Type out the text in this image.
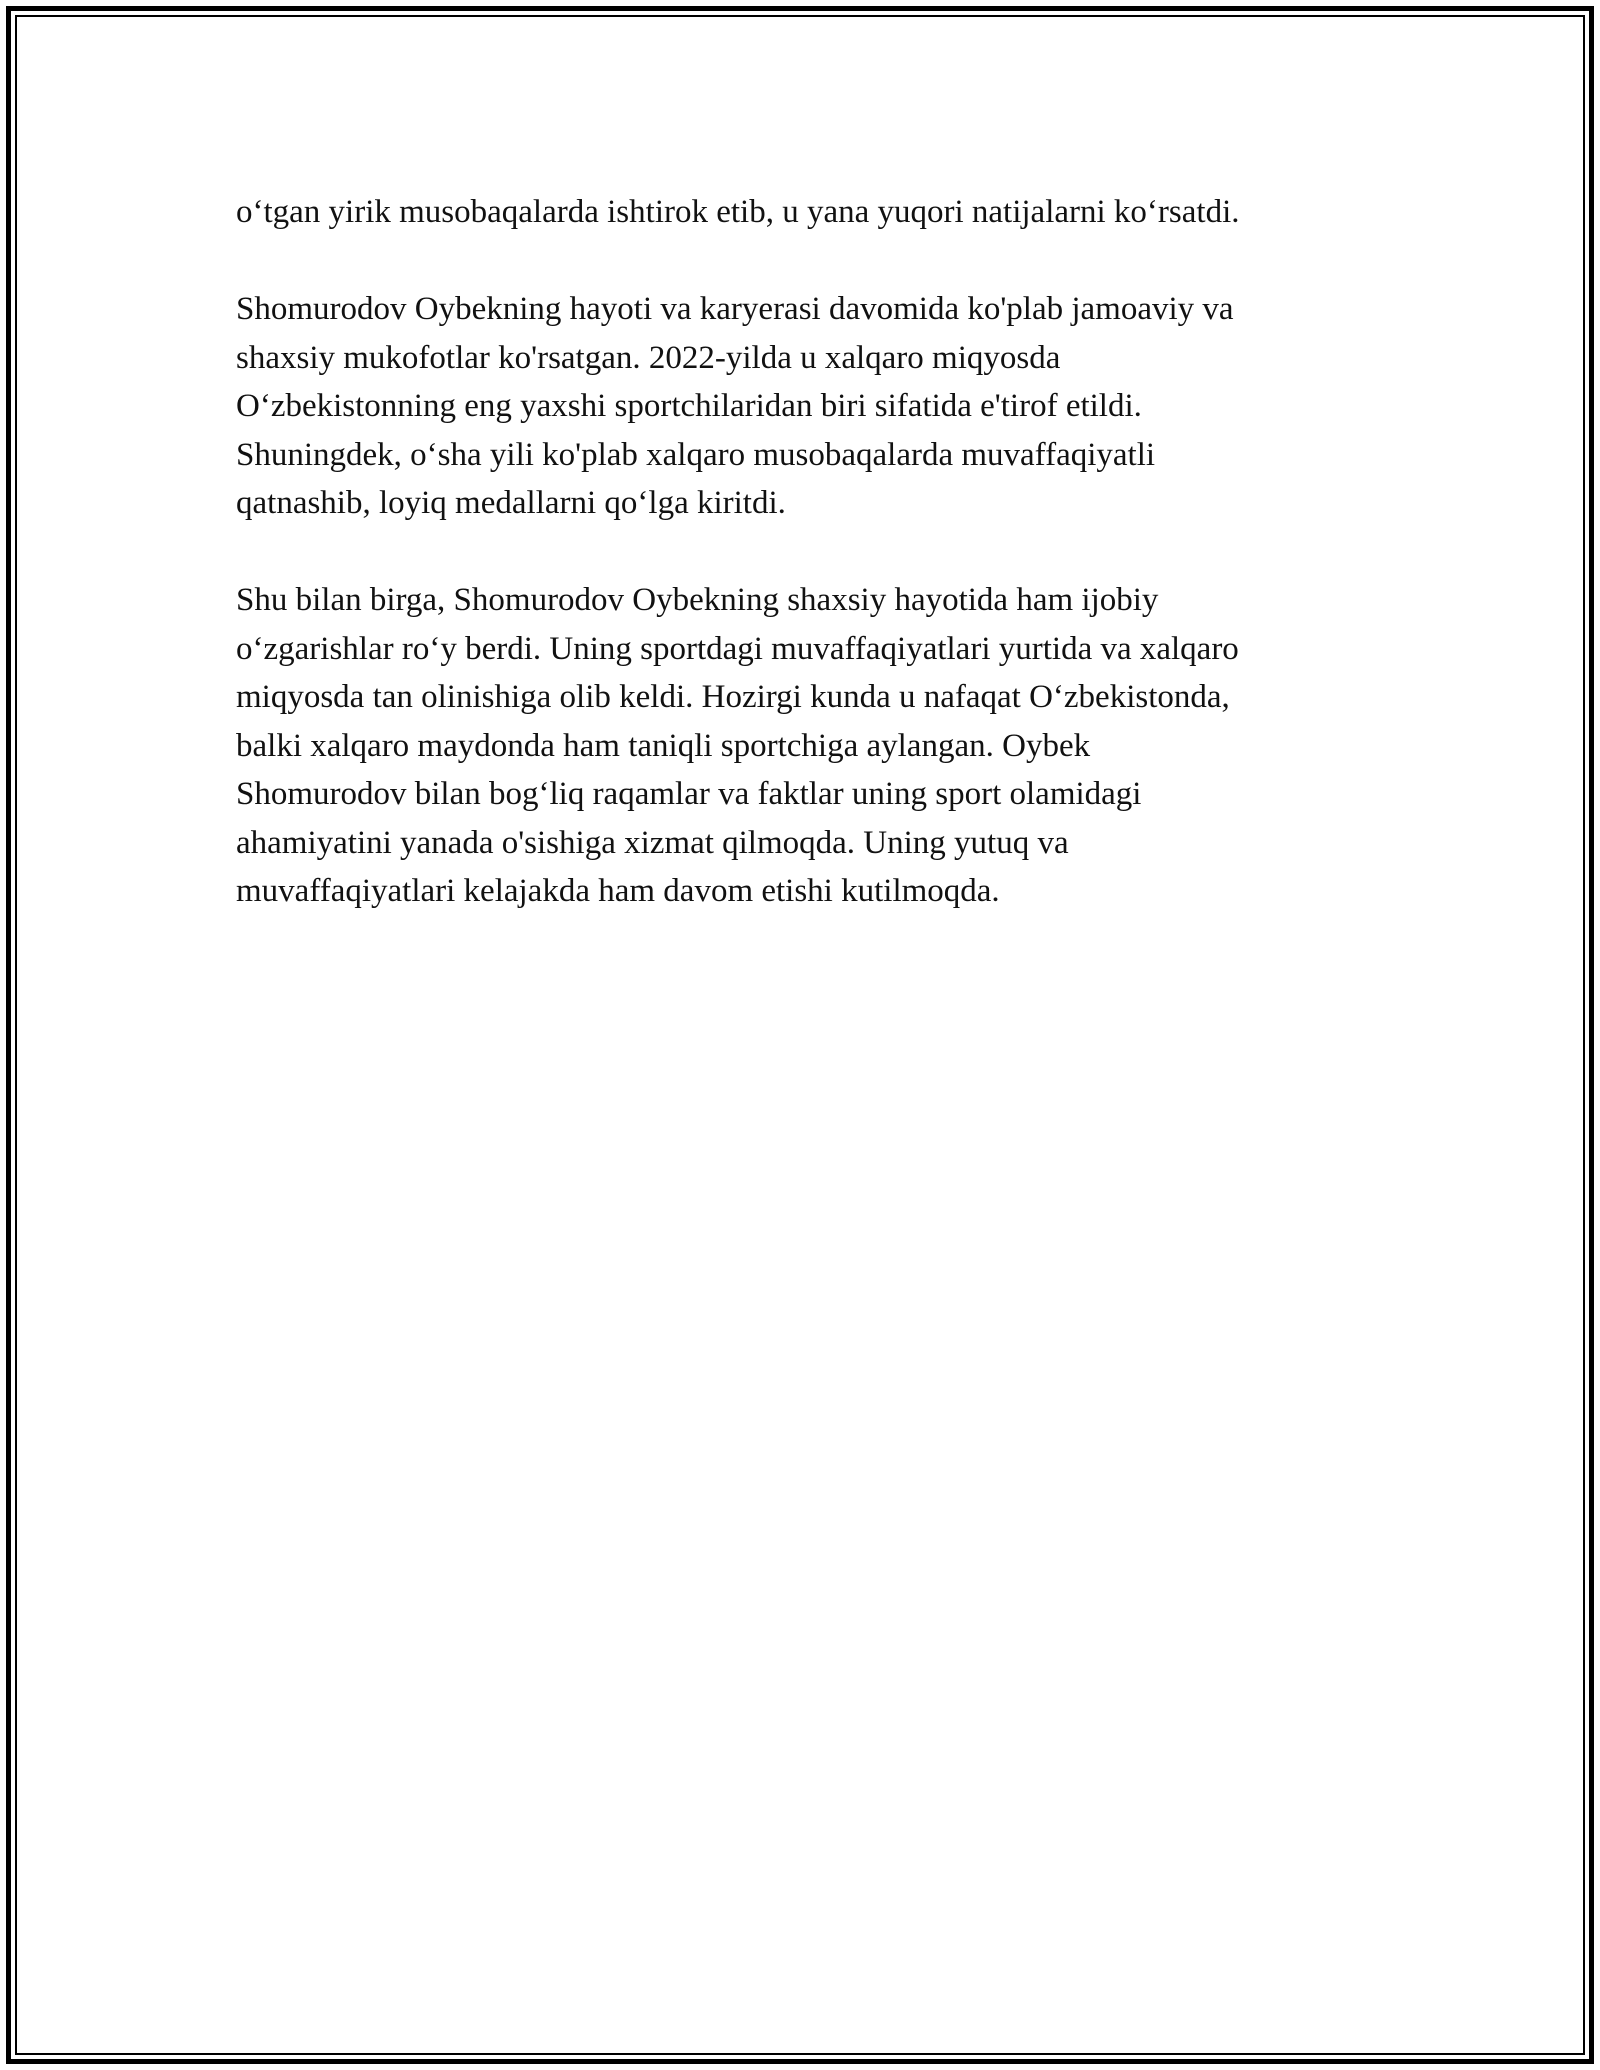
oʻtgan yirik musobaqalarda ishtirok etib, u yana yuqori natijalarni koʻrsatdi.

Shomurodov Oybekning hayoti va karyerasi davomida ko'plab jamoaviy va
shaxsiy mukofotlar ko'rsatgan. 2022-yilda u xalqaro miqyosda
Oʻzbekistonning eng yaxshi sportchilaridan biri sifatida e'tirof etildi.
Shuningdek, oʻsha yili ko'plab xalqaro musobaqalarda muvaffaqiyatli
qatnashib, loyiq medallarni qoʻlga kiritdi.

Shu bilan birga, Shomurodov Oybekning shaxsiy hayotida ham ijobiy
oʻzgarishlar roʻy berdi. Uning sportdagi muvaffaqiyatlari yurtida va xalqaro
miqyosda tan olinishiga olib keldi. Hozirgi kunda u nafaqat Oʻzbekistonda,
balki xalqaro maydonda ham taniqli sportchiga aylangan. Oybek
Shomurodov bilan bogʻliq raqamlar va faktlar uning sport olamidagi
ahamiyatini yanada o'sishiga xizmat qilmoqda. Uning yutuq va
muvaffaqiyatlari kelajakda ham davom etishi kutilmoqda.
